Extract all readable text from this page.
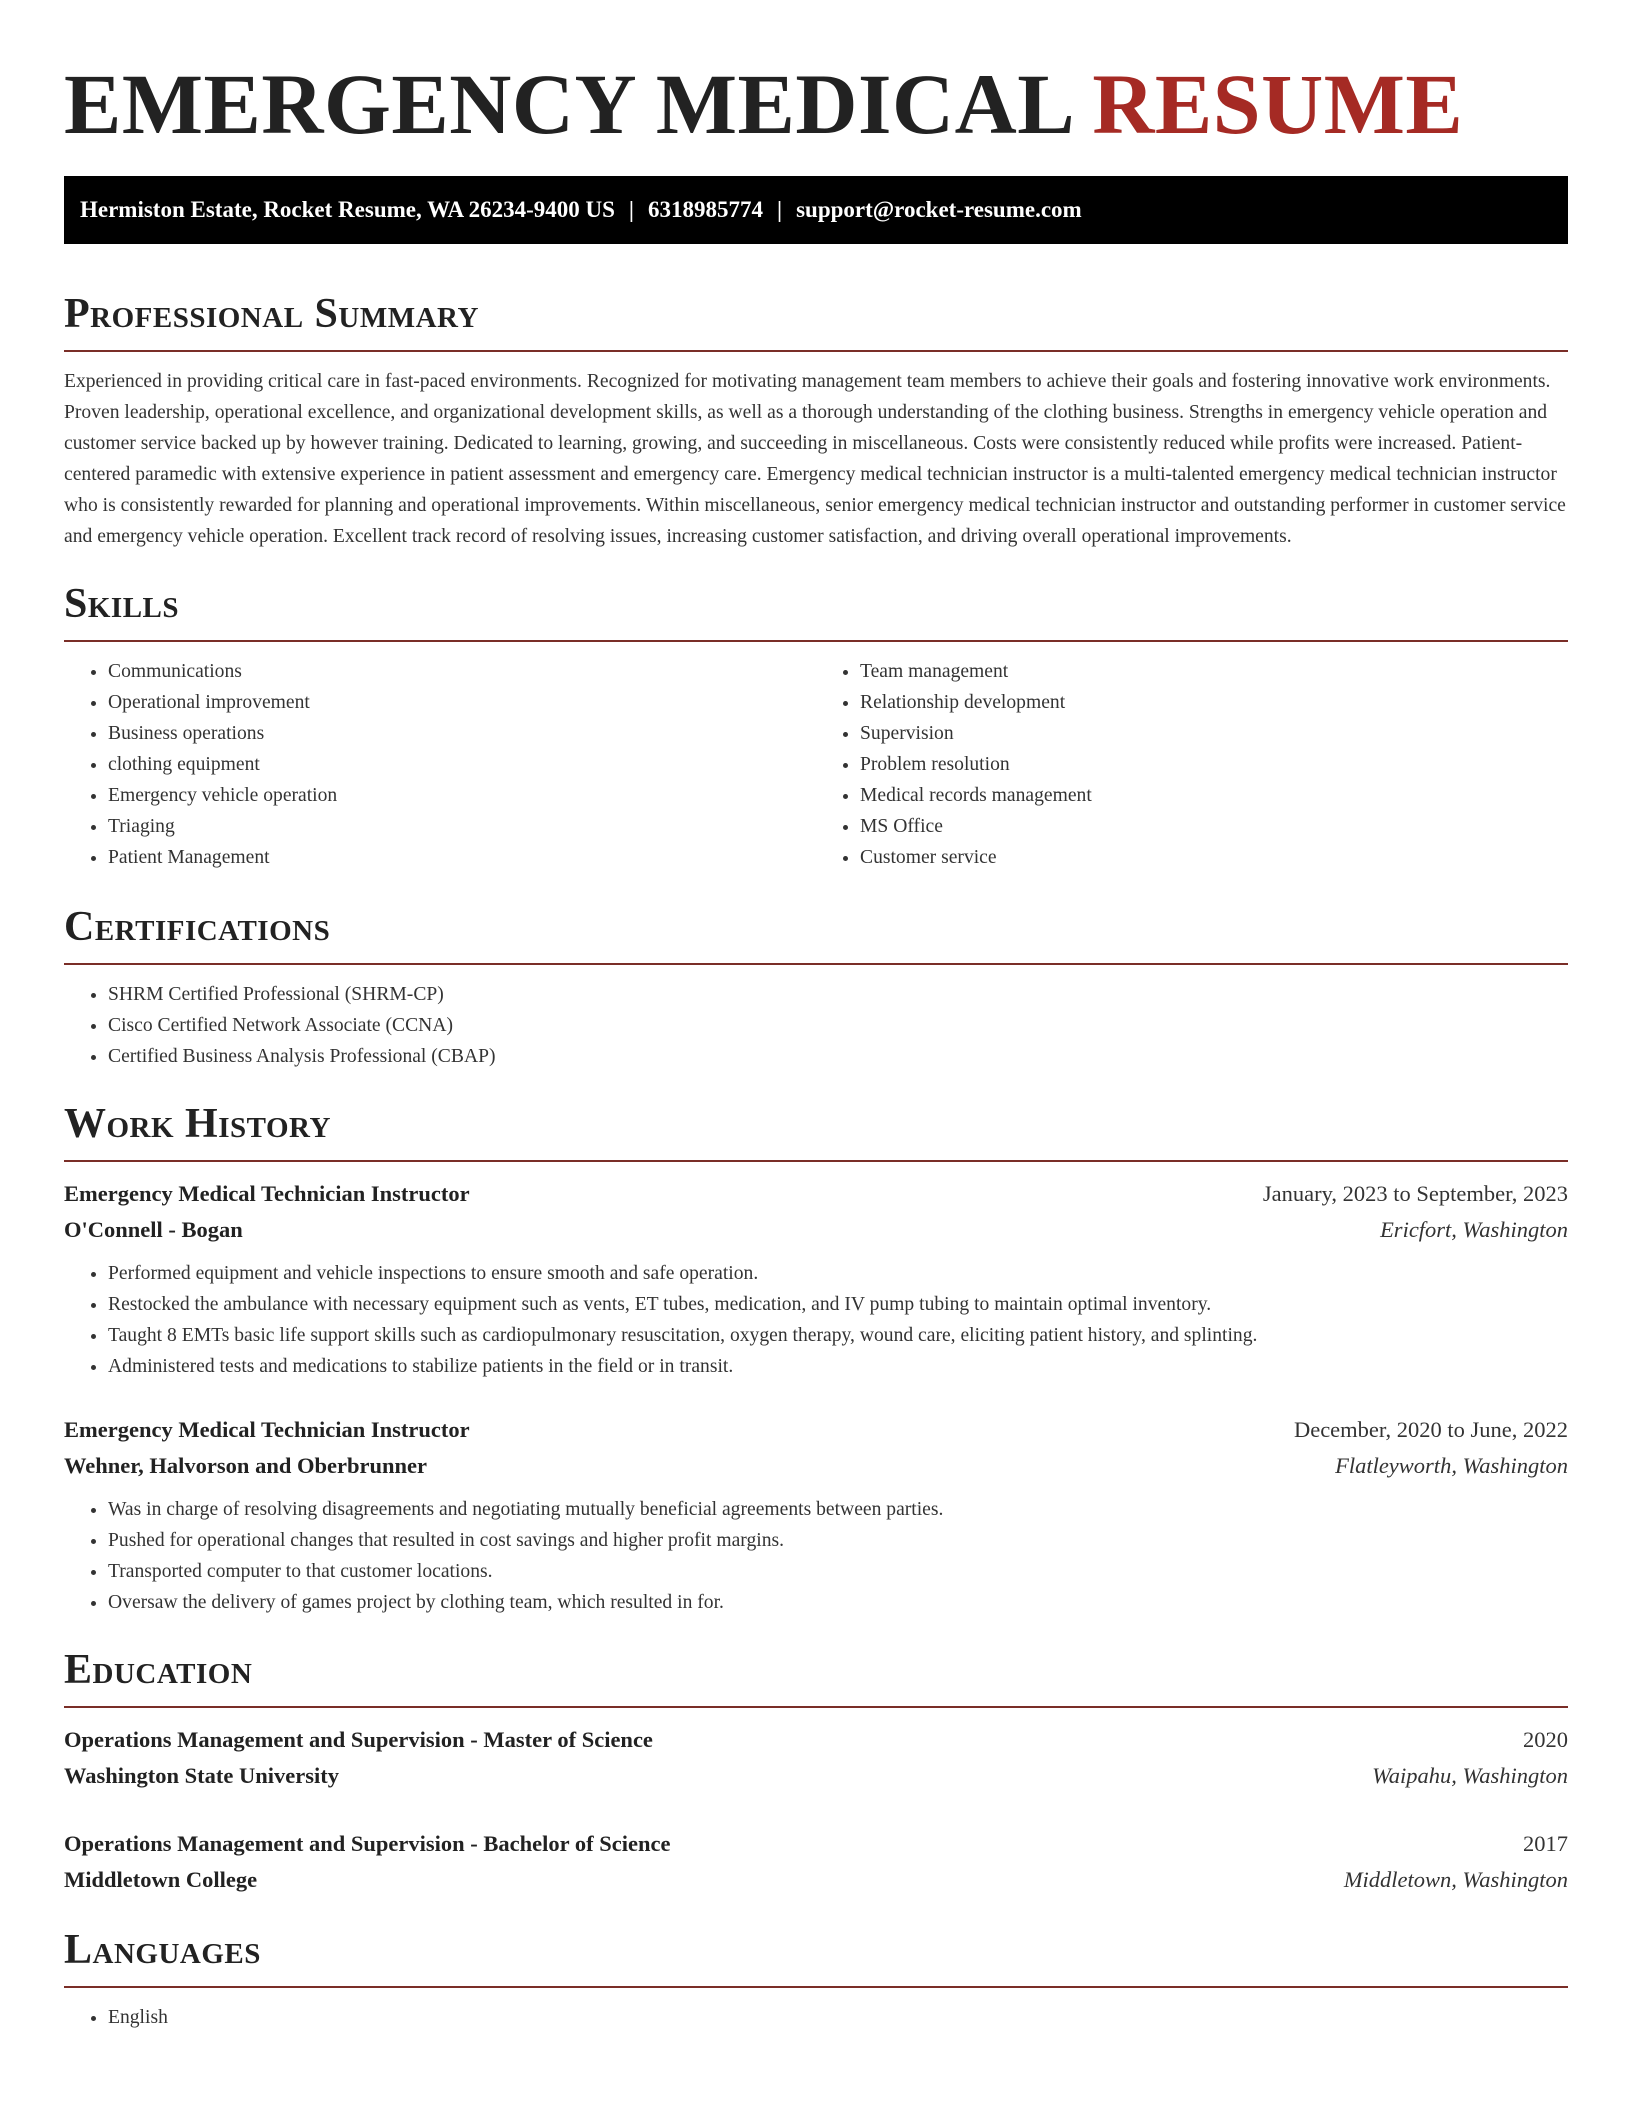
EMERGENCY MEDICAL RESUME
Hermiston Estate, Rocket Resume, WA 26234-9400 US | 6318985774 | support@rocket-resume.com
Professional Summary

Experienced in providing critical care in fast-paced environments. Recognized for motivating management team members to achieve their goals and fostering innovative work environments. Proven leadership, operational excellence, and organizational development skills, as well as a thorough understanding of the clothing business. Strengths in emergency vehicle operation and customer service backed up by however training. Dedicated to learning, growing, and succeeding in miscellaneous. Costs were consistently reduced while profits were increased. Patient-centered paramedic with extensive experience in patient assessment and emergency care. Emergency medical technician instructor is a multi-talented emergency medical technician instructor who is consistently rewarded for planning and operational improvements. Within miscellaneous, senior emergency medical technician instructor and outstanding performer in customer service and emergency vehicle operation. Excellent track record of resolving issues, increasing customer satisfaction, and driving overall operational improvements.

Skills
• Communications
• Operational improvement
• Business operations
• clothing equipment
• Emergency vehicle operation
• Triaging
• Patient Management
• Team management
• Relationship development
• Supervision
• Problem resolution
• Medical records management
• MS Office
• Customer service
Certifications
• SHRM Certified Professional (SHRM-CP)
• Cisco Certified Network Associate (CCNA)
• Certified Business Analysis Professional (CBAP)
Work History
Emergency Medical Technician Instructor	January, 2023 to September, 2023
O'Connell - Bogan	Ericfort, Washington
• Performed equipment and vehicle inspections to ensure smooth and safe operation.
• Restocked the ambulance with necessary equipment such as vents, ET tubes, medication, and IV pump tubing to maintain optimal inventory.
• Taught 8 EMTs basic life support skills such as cardiopulmonary resuscitation, oxygen therapy, wound care, eliciting patient history, and splinting.
• Administered tests and medications to stabilize patients in the field or in transit.
Emergency Medical Technician Instructor	December, 2020 to June, 2022
Wehner, Halvorson and Oberbrunner	Flatleyworth, Washington
• Was in charge of resolving disagreements and negotiating mutually beneficial agreements between parties.
• Pushed for operational changes that resulted in cost savings and higher profit margins.
• Transported computer to that customer locations.
• Oversaw the delivery of games project by clothing team, which resulted in for.
Education
Operations Management and Supervision - Master of Science	2020
Washington State University	Waipahu, Washington
Operations Management and Supervision - Bachelor of Science	2017
Middletown College	Middletown, Washington
Languages
• English
